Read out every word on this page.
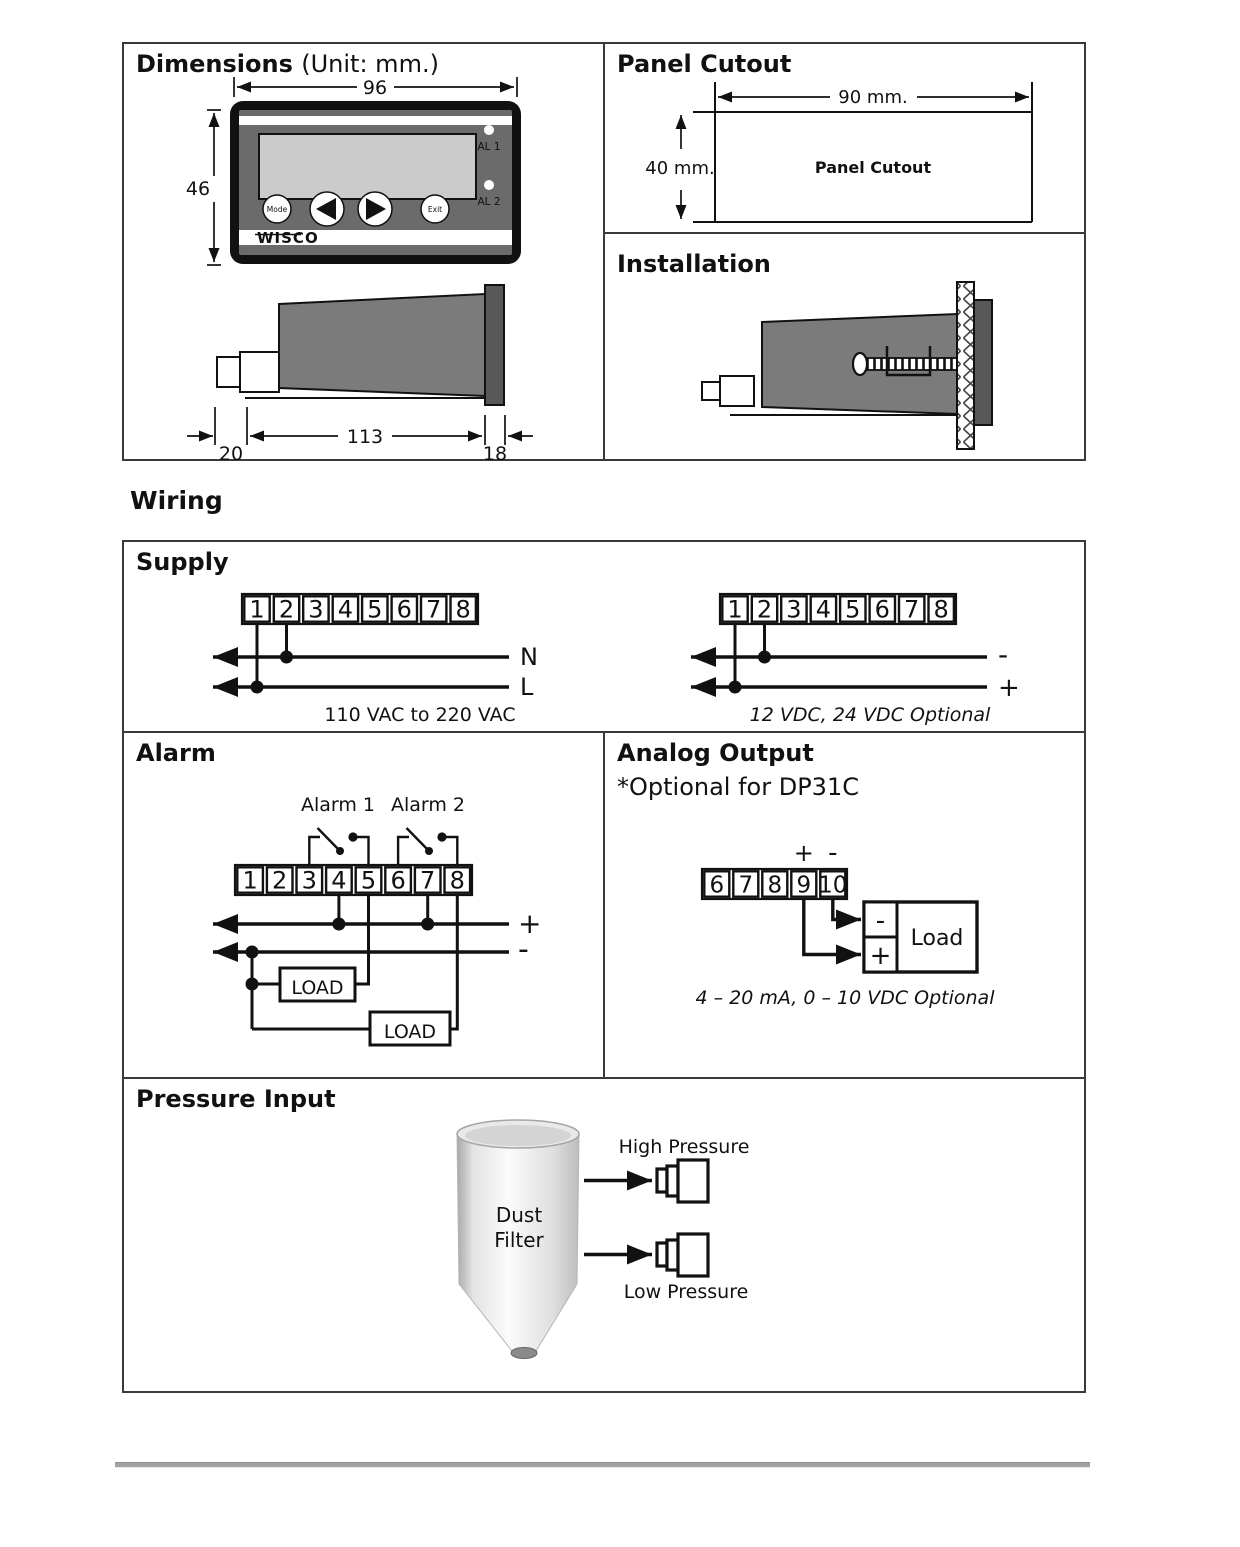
Dimensions (Unit: mm.)
96
46
AL 1
AL 2
Mode	Exit
WISCO
113
20	18
Panel Cutout
90 mm.
40 mm.	Panel Cutout
Installation
Wiring
Supply
1 2 3 4 5 6 7 8
N
L
110 VAC to 220 VAC
1 2 3 4 5 6 7 8
-
+
12 VDC, 24 VDC Optional
Alarm
Alarm 1 Alarm 2
1 2 3 4 5 6 7 8
+
-
LOAD
LOAD
Analog Output
*Optional for DP31C
+ -
6 7 8 9 10
-
+
Load
4 – 20 mA, 0 – 10 VDC Optional
Pressure Input
Dust
Filter
High Pressure
Low Pressure
